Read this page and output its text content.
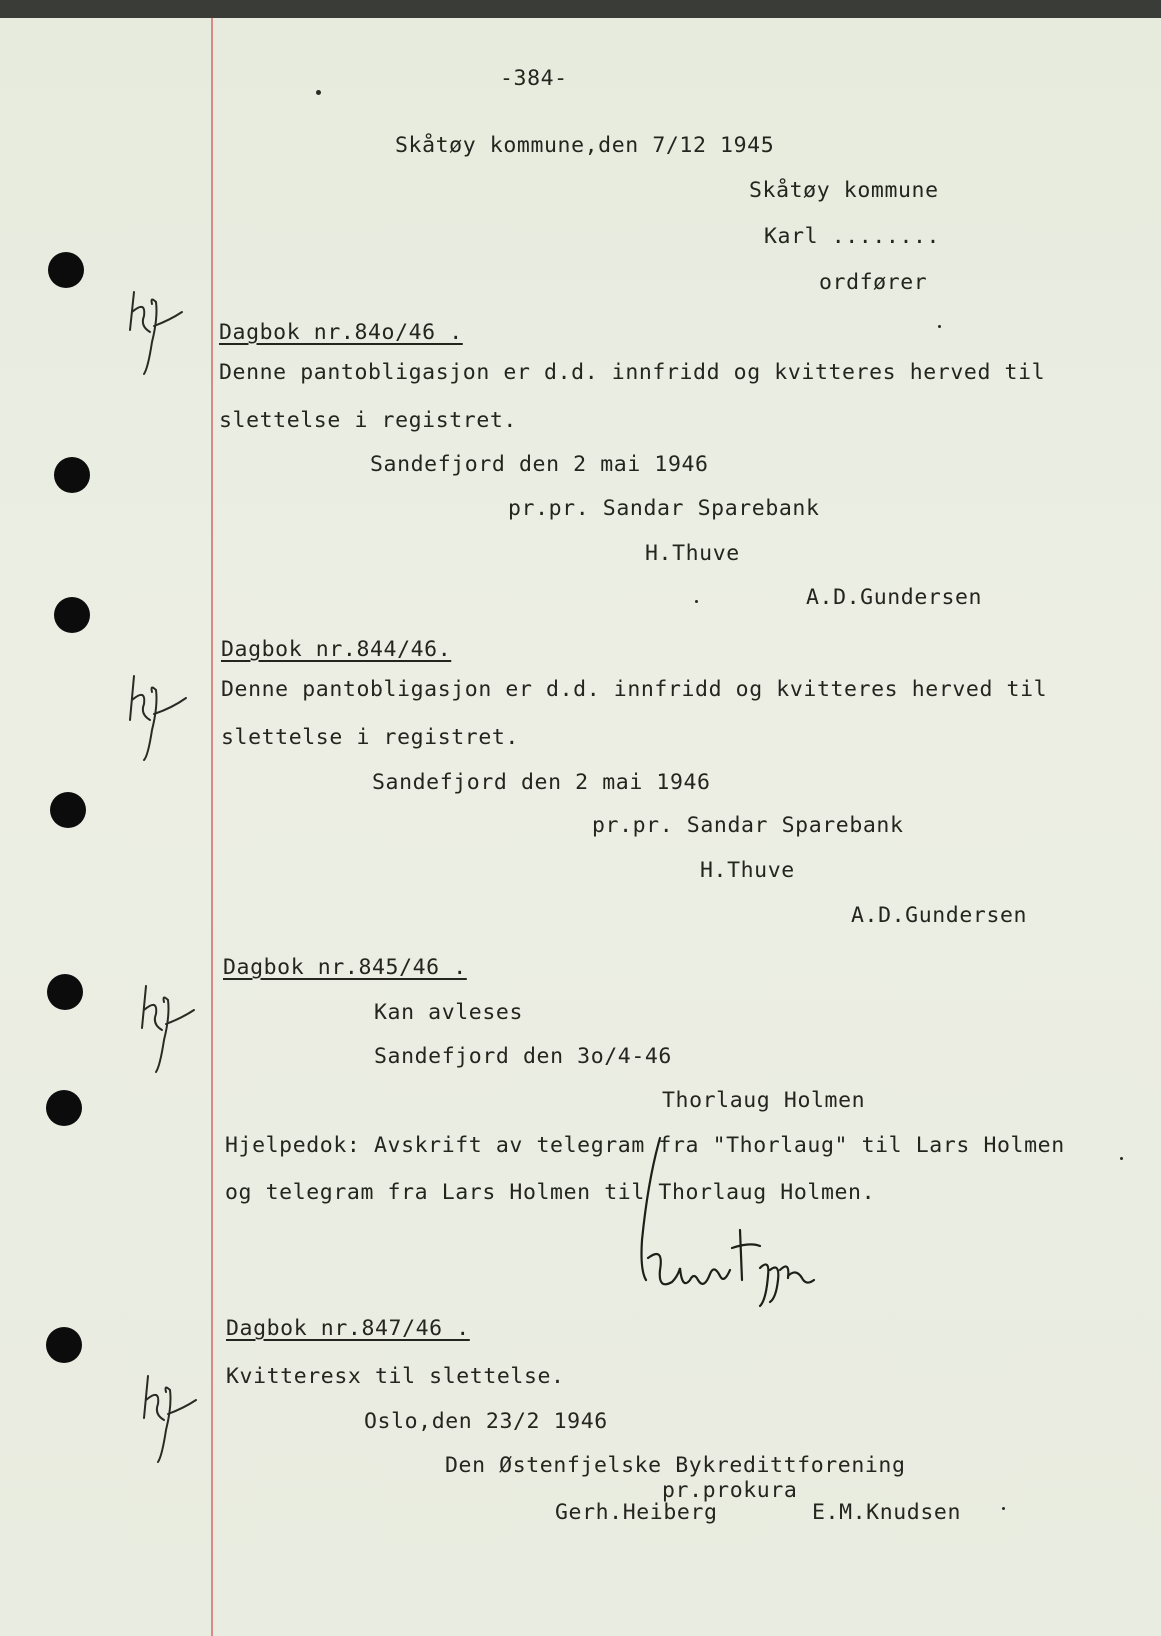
-384-
Skåtøy kommune,den 7/12 1945
Skåtøy kommune
Karl ........
ordfører
Dagbok nr.84o/46 .
Denne pantobligasjon er d.d. innfridd og kvitteres herved til
slettelse i registret.
Sandefjord den 2 mai 1946
pr.pr. Sandar Sparebank
H.Thuve
A.D.Gundersen
Dagbok nr.844/46.
Denne pantobligasjon er d.d. innfridd og kvitteres herved til
slettelse i registret.
Sandefjord den 2 mai 1946
pr.pr. Sandar Sparebank
H.Thuve
A.D.Gundersen
Dagbok nr.845/46 .
Kan avleses
Sandefjord den 3o/4-46
Thorlaug Holmen
Hjelpedok: Avskrift av telegram fra "Thorlaug" til Lars Holmen
og telegram fra Lars Holmen til Thorlaug Holmen.
Dagbok nr.847/46 .
Kvitteresx til slettelse.
Oslo,den 23/2 1946
Den Østenfjelske Bykredittforening
pr.prokura
Gerh.Heiberg	E.M.Knudsen
